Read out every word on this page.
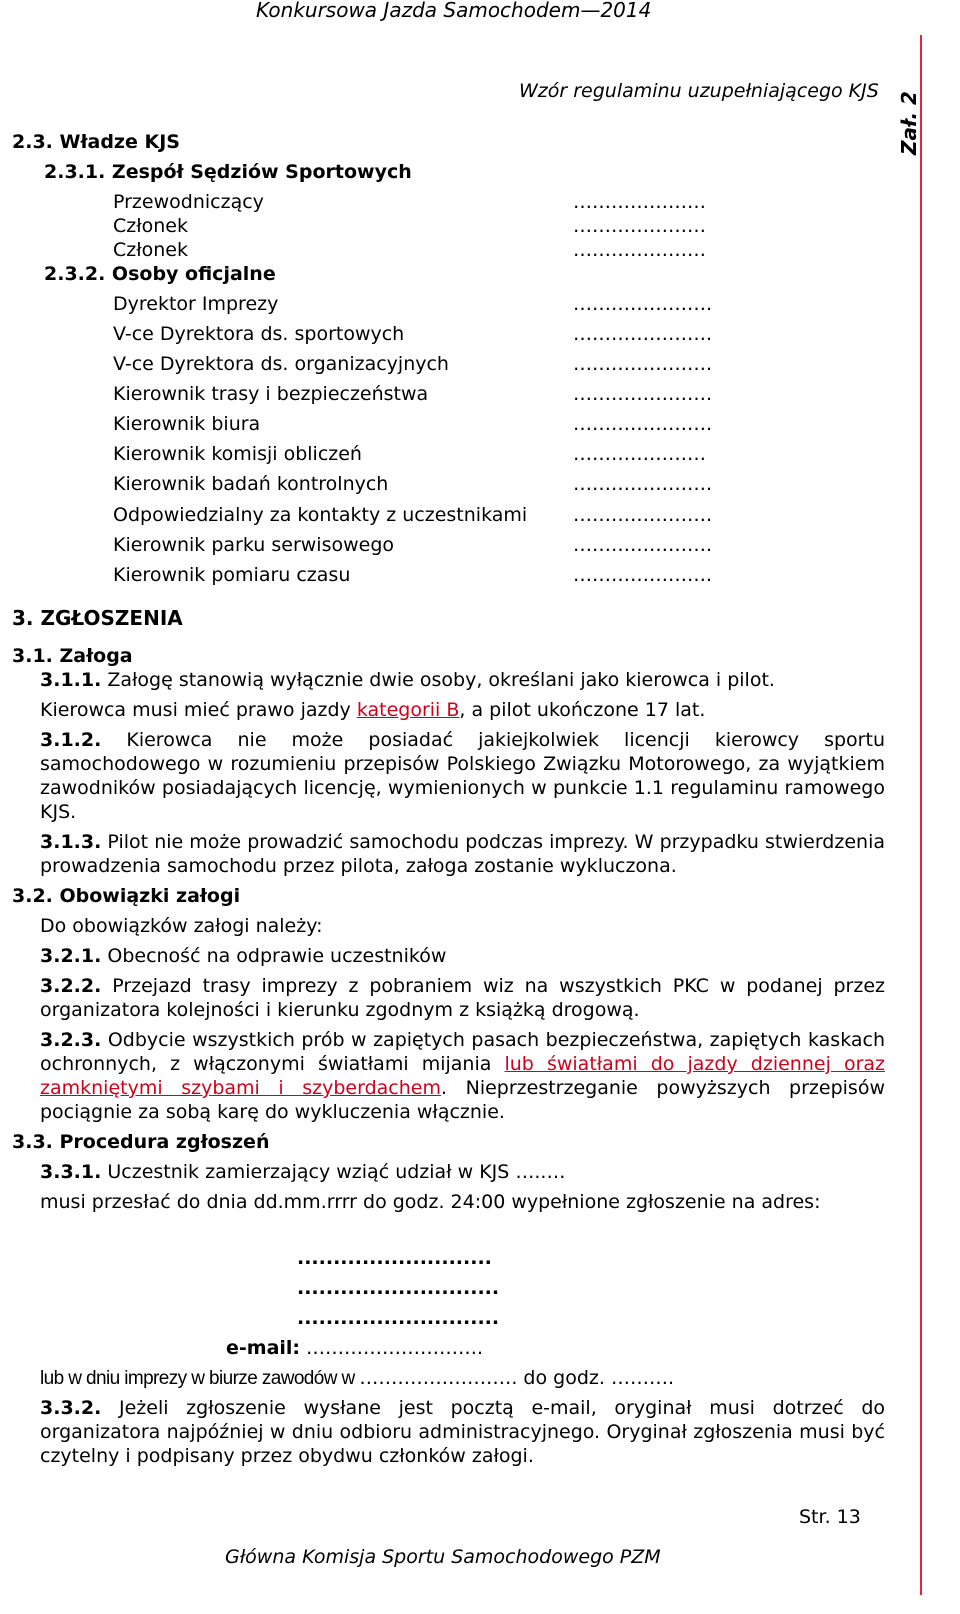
Konkursowa Jazda Samochodem—2014
Wzór regulaminu uzupełniającego KJS
Zał. 2
2.3. Władze KJS
2.3.1. Zespół Sędziów Sportowych
Przewodniczący	…………………
Członek	…………………
Członek	…………………
2.3.2. Osoby oficjalne
Dyrektor Imprezy	………………….
V-ce Dyrektora ds. sportowych	………………….
V-ce Dyrektora ds. organizacyjnych	………………….
Kierownik trasy i bezpieczeństwa	………………….
Kierownik biura	………………….
Kierownik komisji obliczeń	…………………
Kierownik badań kontrolnych	………………….
Odpowiedzialny za kontakty z uczestnikami ………………….
Kierownik parku serwisowego	………………….
Kierownik pomiaru czasu	………………….
3. ZGŁOSZENIA
3.1. Załoga
3.1.1. Załogę stanowią wyłącznie dwie osoby, określani jako kierowca i pilot.
Kierowca musi mieć prawo jazdy kategorii B, a pilot ukończone 17 lat.
3.1.2. Kierowca nie może posiadać jakiejkolwiek licencji kierowcy sportu samochodowego w rozumieniu przepisów Polskiego Związku Motorowego, za wyjątkiem zawodników posiadających licencję, wymienionych w punkcie 1.1 regulaminu ramowego KJS.
3.1.3. Pilot nie może prowadzić samochodu podczas imprezy. W przypadku stwierdzenia prowadzenia samochodu przez pilota, załoga zostanie wykluczona.
3.2. Obowiązki załogi
Do obowiązków załogi należy:
3.2.1. Obecność na odprawie uczestników
3.2.2. Przejazd trasy imprezy z pobraniem wiz na wszystkich PKC w podanej przez organizatora kolejności i kierunku zgodnym z książką drogową.
3.2.3. Odbycie wszystkich prób w zapiętych pasach bezpieczeństwa, zapiętych kaskach ochronnych, z włączonymi światłami mijania lub światłami do jazdy dziennej oraz zamkniętymi szybami i szyberdachem. Nieprzestrzeganie powyższych przepisów pociągnie za sobą karę do wykluczenia włącznie.
3.3. Procedura zgłoszeń
3.3.1. Uczestnik zamierzający wziąć udział w KJS …..…
musi przesłać do dnia dd.mm.rrrr do godz. 24:00 wypełnione zgłoszenie na adres:
...........................
............................
............................
e-mail: ……………………….
lub w dniu imprezy w biurze zawodów w ……………………. do godz. ……….
3.3.2. Jeżeli zgłoszenie wysłane jest pocztą e-mail, oryginał musi dotrzeć do organizatora najpóźniej w dniu odbioru administracyjnego. Oryginał zgłoszenia musi być czytelny i podpisany przez obydwu członków załogi.
Str. 13
Główna Komisja Sportu Samochodowego PZM
